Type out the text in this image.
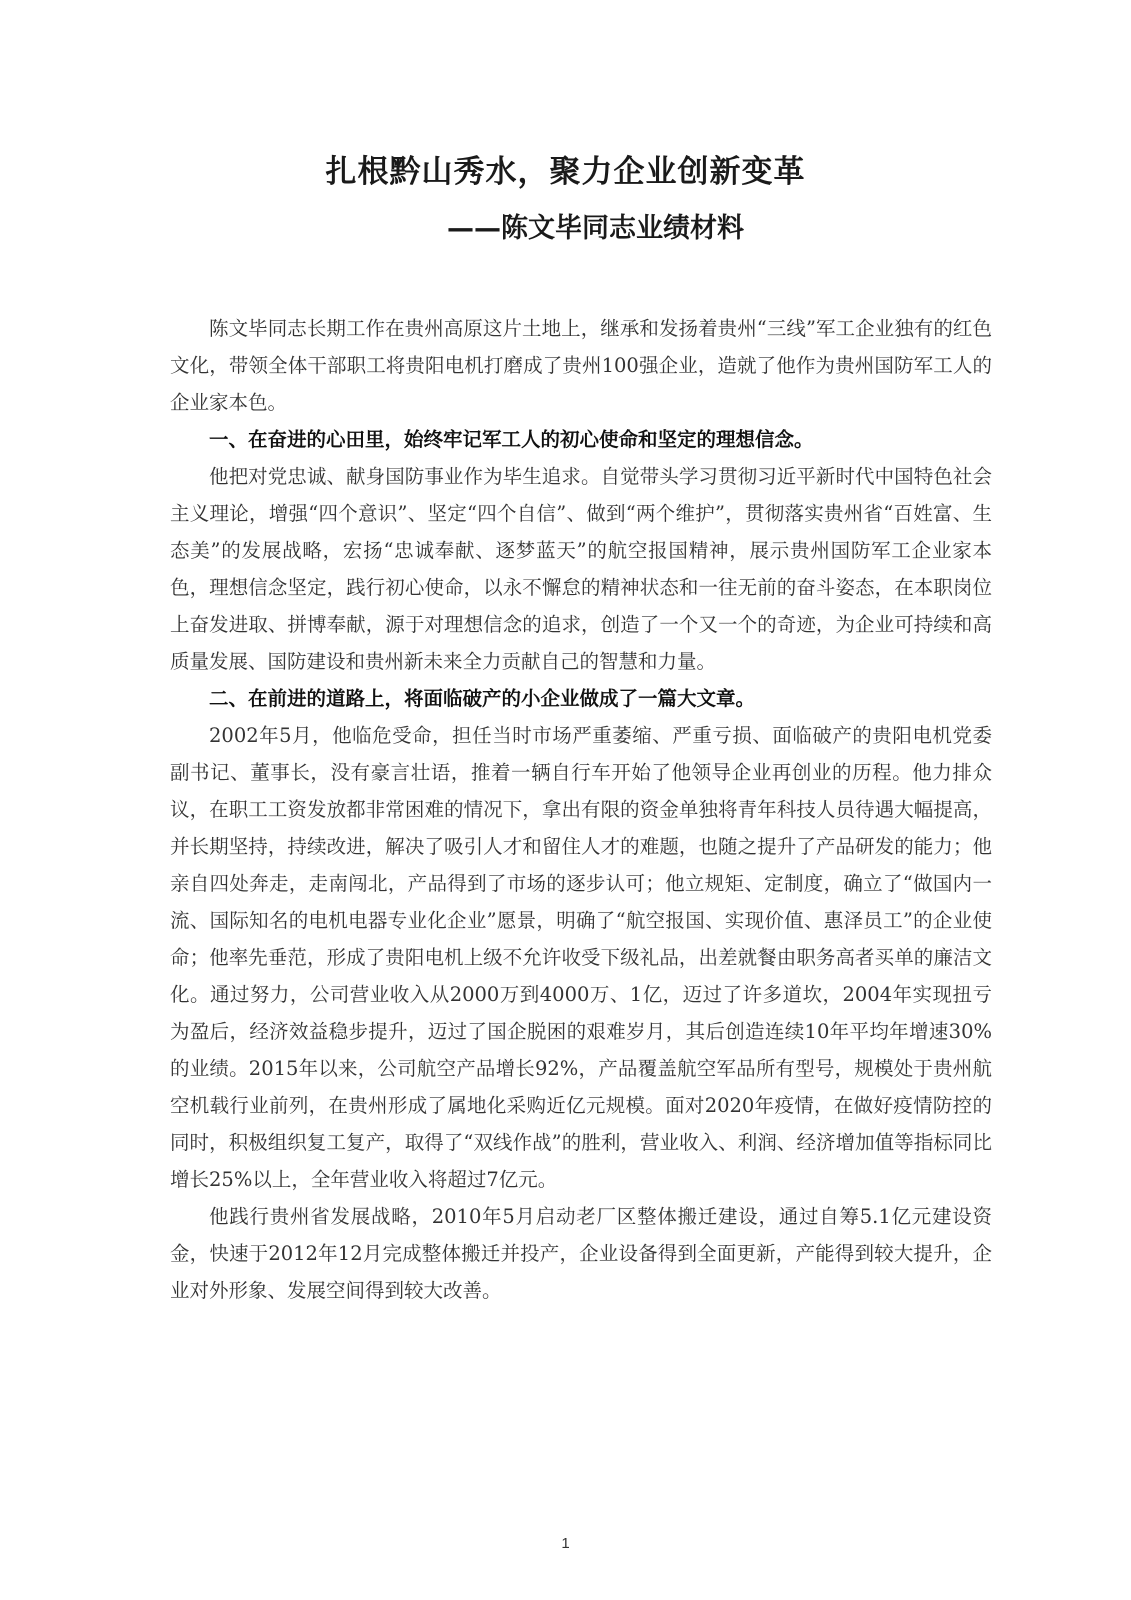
扎根黔山秀水，聚力企业创新变革
——陈文毕同志业绩材料

陈文毕同志长期工作在贵州高原这片土地上，继承和发扬着贵州“三线”军工企业独有的红色文化，带领全体干部职工将贵阳电机打磨成了贵州100强企业，造就了他作为贵州国防军工人的企业家本色。

一、在奋进的心田里，始终牢记军工人的初心使命和坚定的理想信念。

他把对党忠诚、献身国防事业作为毕生追求。自觉带头学习贯彻习近平新时代中国特色社会主义理论，增强“四个意识”、坚定“四个自信”、做到“两个维护”，贯彻落实贵州省“百姓富、生态美”的发展战略，宏扬“忠诚奉献、逐梦蓝天”的航空报国精神，展示贵州国防军工企业家本色，理想信念坚定，践行初心使命，以永不懈怠的精神状态和一往无前的奋斗姿态，在本职岗位上奋发进取、拼博奉献，源于对理想信念的追求，创造了一个又一个的奇迹，为企业可持续和高质量发展、国防建设和贵州新未来全力贡献自己的智慧和力量。

二、在前进的道路上，将面临破产的小企业做成了一篇大文章。

2002年5月，他临危受命，担任当时市场严重萎缩、严重亏损、面临破产的贵阳电机党委副书记、董事长，没有豪言壮语，推着一辆自行车开始了他领导企业再创业的历程。他力排众议，在职工工资发放都非常困难的情况下，拿出有限的资金单独将青年科技人员待遇大幅提高，并长期坚持，持续改进，解决了吸引人才和留住人才的难题，也随之提升了产品研发的能力；他亲自四处奔走，走南闯北，产品得到了市场的逐步认可；他立规矩、定制度，确立了“做国内一流、国际知名的电机电器专业化企业”愿景，明确了“航空报国、实现价值、惠泽员工”的企业使命；他率先垂范，形成了贵阳电机上级不允许收受下级礼品，出差就餐由职务高者买单的廉洁文化。通过努力，公司营业收入从2000万到4000万、1亿，迈过了许多道坎，2004年实现扭亏为盈后，经济效益稳步提升，迈过了国企脱困的艰难岁月，其后创造连续10年平均年增速30%的业绩。2015年以来，公司航空产品增长92%，产品覆盖航空军品所有型号，规模处于贵州航空机载行业前列，在贵州形成了属地化采购近亿元规模。面对2020年疫情，在做好疫情防控的同时，积极组织复工复产，取得了“双线作战”的胜利，营业收入、利润、经济增加值等指标同比增长25%以上，全年营业收入将超过7亿元。

他践行贵州省发展战略，2010年5月启动老厂区整体搬迁建设，通过自筹5.1亿元建设资金，快速于2012年12月完成整体搬迁并投产，企业设备得到全面更新，产能得到较大提升，企业对外形象、发展空间得到较大改善。

1
